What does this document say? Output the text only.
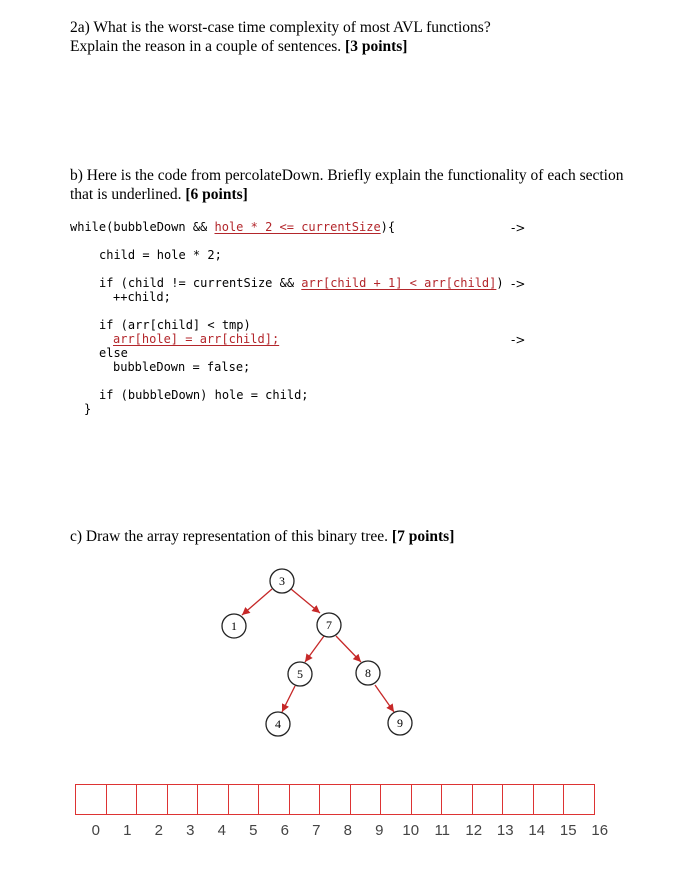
2a) What is the worst-case time complexity of most AVL functions?
Explain the reason in a couple of sentences. [3 points]
b) Here is the code from percolateDown. Briefly explain the functionality of each section
that is underlined. [6 points]
while(bubbleDown && hole * 2 <= currentSize){	->
child = hole * 2;
if (child != currentSize && arr[child + 1] < arr[child]) ->
++child;
if (arr[child] < tmp)
arr[hole] = arr[child];	->
else
bubbleDown = false;
if (bubbleDown) hole = child;
}
c) Draw the array representation of this binary tree. [7 points]
3
1	7
5	8
4	9
0	1	2	3	4	5	6	7	8	9	10	11	12 13 14 15 16
